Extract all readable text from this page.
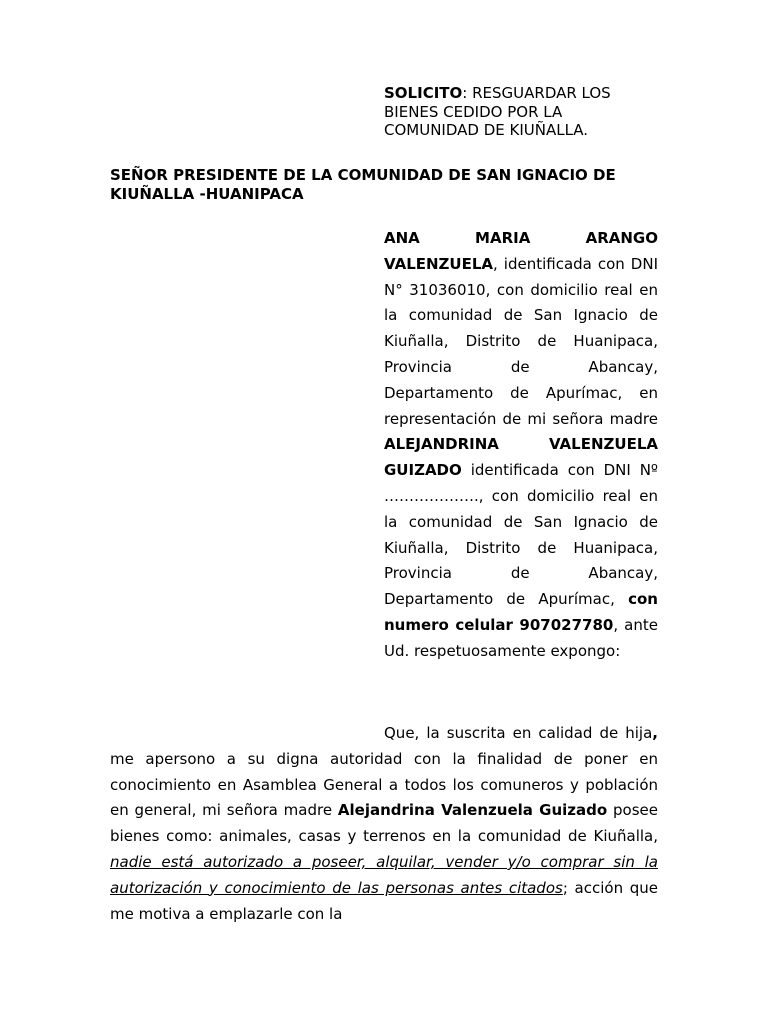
SOLICITO: RESGUARDAR LOS BIENES CEDIDO POR LA COMUNIDAD DE KIUÑALLA.
SEÑOR PRESIDENTE DE LA COMUNIDAD DE SAN IGNACIO DE KIUÑALLA -HUANIPACA
ANA MARIA ARANGO VALENZUELA, identificada con DNI N° 31036010, con domicilio real en la comunidad de San Ignacio de Kiuñalla, Distrito de Huanipaca, Provincia de Abancay, Departamento de Apurímac, en representación de mi señora madre ALEJANDRINA VALENZUELA GUIZADO identificada con DNI Nº ………………., con domicilio real en la comunidad de San Ignacio de Kiuñalla, Distrito de Huanipaca, Provincia de Abancay, Departamento de Apurímac, con numero celular 907027780, ante Ud. respetuosamente expongo:
Que, la suscrita en calidad de hija, me apersono a su digna autoridad con la finalidad de poner en conocimiento en Asamblea General a todos los comuneros y población en general, mi señora madre Alejandrina Valenzuela Guizado posee bienes como: animales, casas y terrenos en la comunidad de Kiuñalla, nadie está autorizado a poseer, alquilar, vender y/o comprar sin la autorización y conocimiento de las personas antes citados; acción que me motiva a emplazarle con la
